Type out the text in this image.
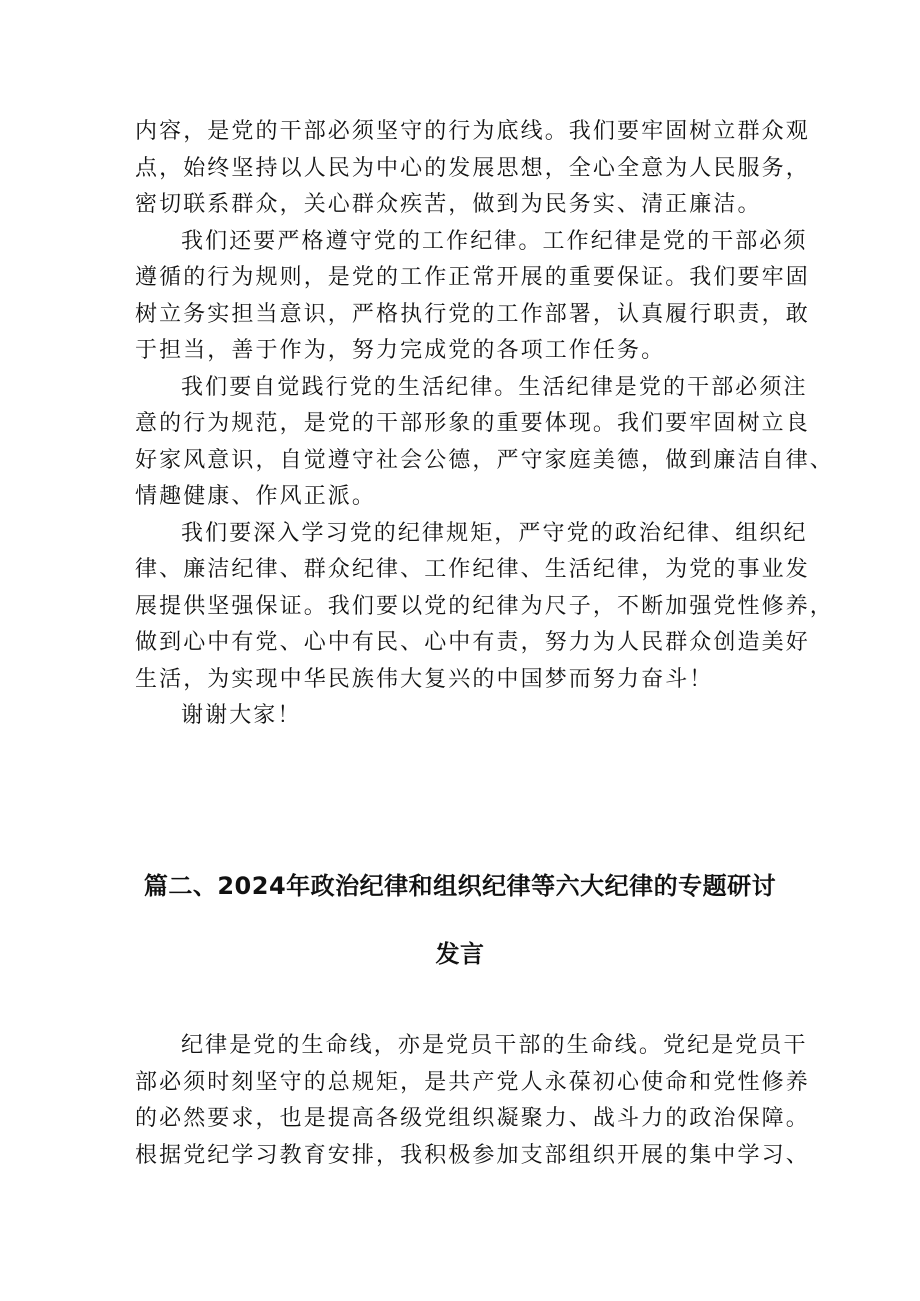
内容，是党的干部必须坚守的行为底线。我们要牢固树立群众观
点，始终坚持以人民为中心的发展思想，全心全意为人民服务，
密切联系群众，关心群众疾苦，做到为民务实、清正廉洁。
我们还要严格遵守党的工作纪律。工作纪律是党的干部必须
遵循的行为规则，是党的工作正常开展的重要保证。我们要牢固
树立务实担当意识，严格执行党的工作部署，认真履行职责，敢
于担当，善于作为，努力完成党的各项工作任务。
我们要自觉践行党的生活纪律。生活纪律是党的干部必须注
意的行为规范，是党的干部形象的重要体现。我们要牢固树立良
好家风意识，自觉遵守社会公德，严守家庭美德，做到廉洁自律、
情趣健康、作风正派。
我们要深入学习党的纪律规矩，严守党的政治纪律、组织纪
律、廉洁纪律、群众纪律、工作纪律、生活纪律，为党的事业发
展提供坚强保证。我们要以党的纪律为尺子，不断加强党性修养，
做到心中有党、心中有民、心中有责，努力为人民群众创造美好
生活，为实现中华民族伟大复兴的中国梦而努力奋斗！
谢谢大家！
篇二、2024年政治纪律和组织纪律等六大纪律的专题研讨
发言
纪律是党的生命线，亦是党员干部的生命线。党纪是党员干
部必须时刻坚守的总规矩，是共产党人永葆初心使命和党性修养
的必然要求，也是提高各级党组织凝聚力、战斗力的政治保障。
根据党纪学习教育安排，我积极参加支部组织开展的集中学习、
